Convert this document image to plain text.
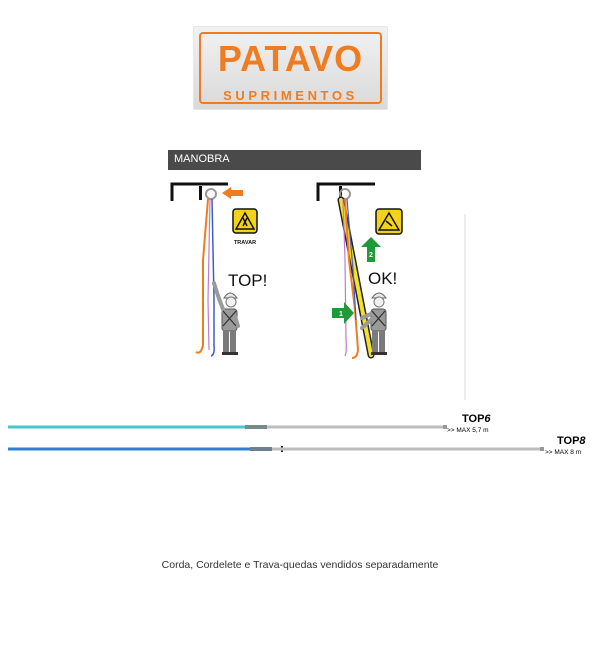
PATAVO
SUPRIMENTOS
MANOBRA
TRAVAR
TOP!
2
OK!
1
TOP6
>> MAX 5,7 m
TOP8
>> MAX 8 m
Corda, Cordelete e Trava-quedas vendidos separadamente
